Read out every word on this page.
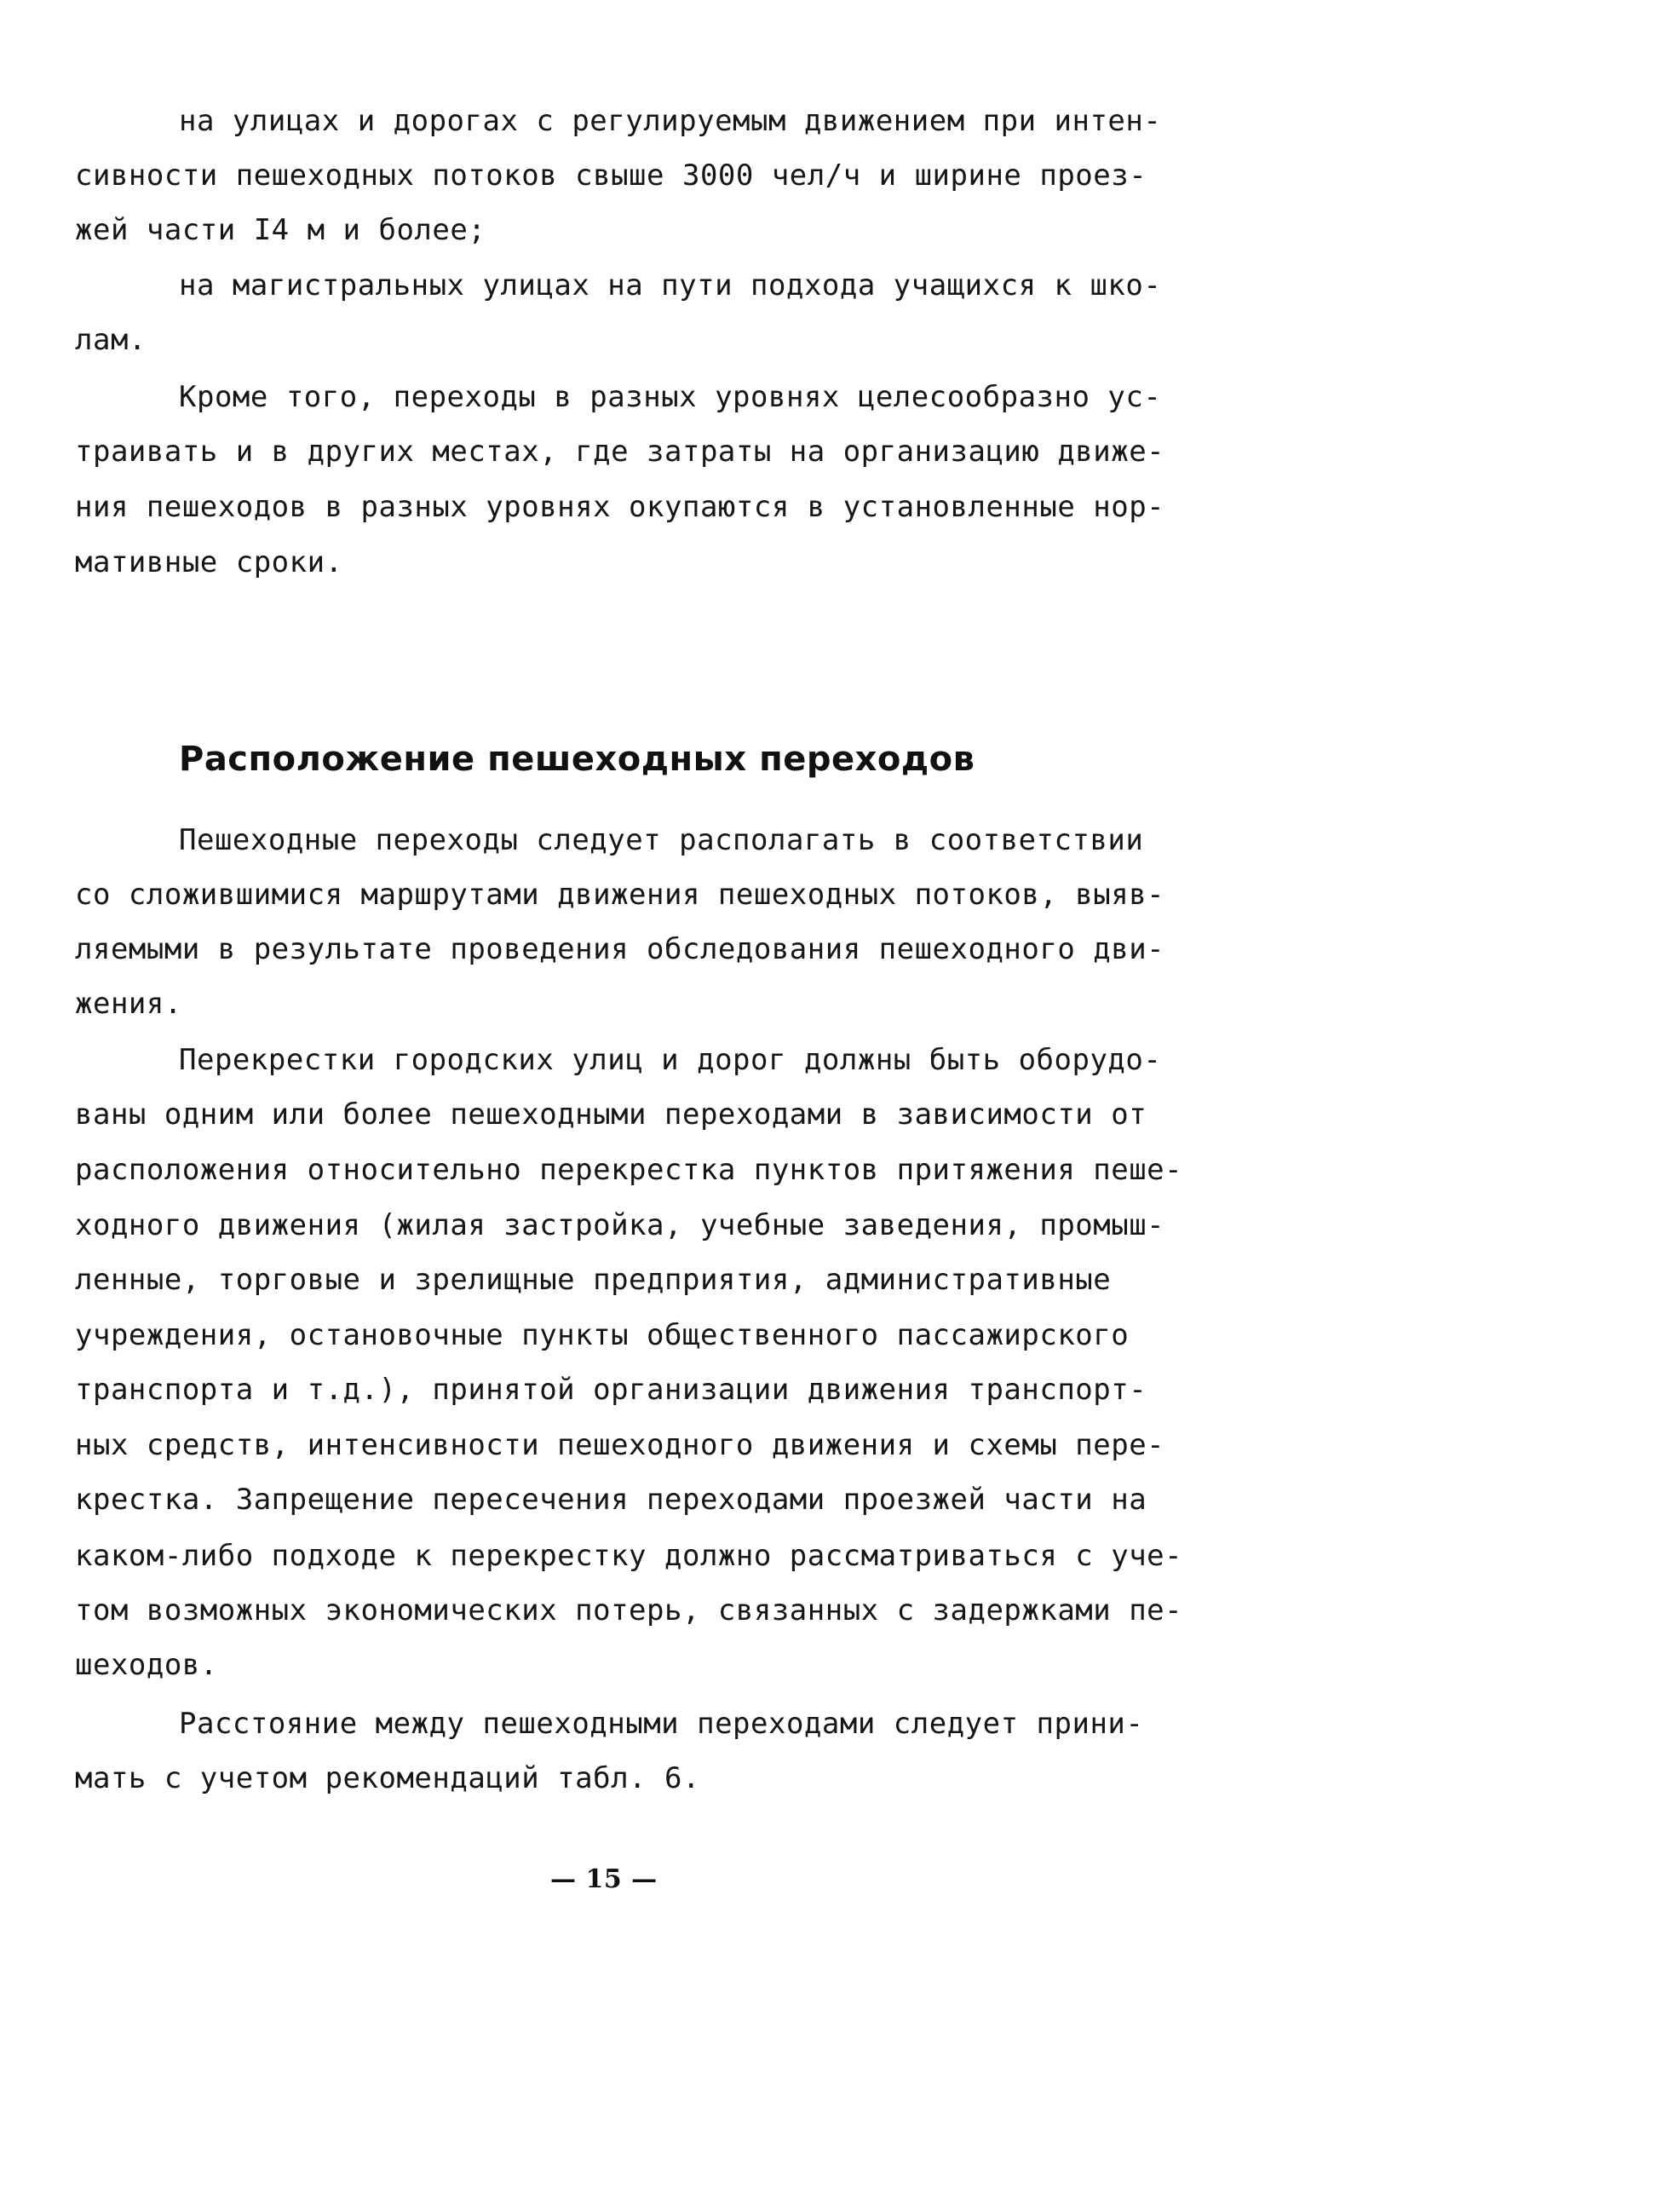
на улицах и дорогах с регулируемым движением при интен-
сивности пешеходных потоков свыше 3000 чел/ч и ширине проез-
жей части I4 м и более;
на магистральных улицах на пути подхода учащихся к шко-
лам.
Кроме того, переходы в разных уровнях целесообразно ус-
траивать и в других местах, где затраты на организацию движе-
ния пешеходов в разных уровнях окупаются в установленные нор-
мативные сроки.
Расположение пешеходных переходов
Пешеходные переходы следует располагать в соответствии
со сложившимися маршрутами движения пешеходных потоков, выяв-
ляемыми в результате проведения обследования пешеходного дви-
жения.
Перекрестки городских улиц и дорог должны быть оборудо-
ваны одним или более пешеходными переходами в зависимости от
расположения относительно перекрестка пунктов притяжения пеше-
ходного движения (жилая застройка, учебные заведения, промыш-
ленные, торговые и зрелищные предприятия, административные
учреждения, остановочные пункты общественного пассажирского
транспорта и т.д.), принятой организации движения транспорт-
ных средств, интенсивности пешеходного движения и схемы пере-
крестка. Запрещение пересечения переходами проезжей части на
каком-либо подходе к перекрестку должно рассматриваться с уче-
том возможных экономических потерь, связанных с задержками пе-
шеходов.
Расстояние между пешеходными переходами следует прини-
мать с учетом рекомендаций табл. 6.
— 15 —
